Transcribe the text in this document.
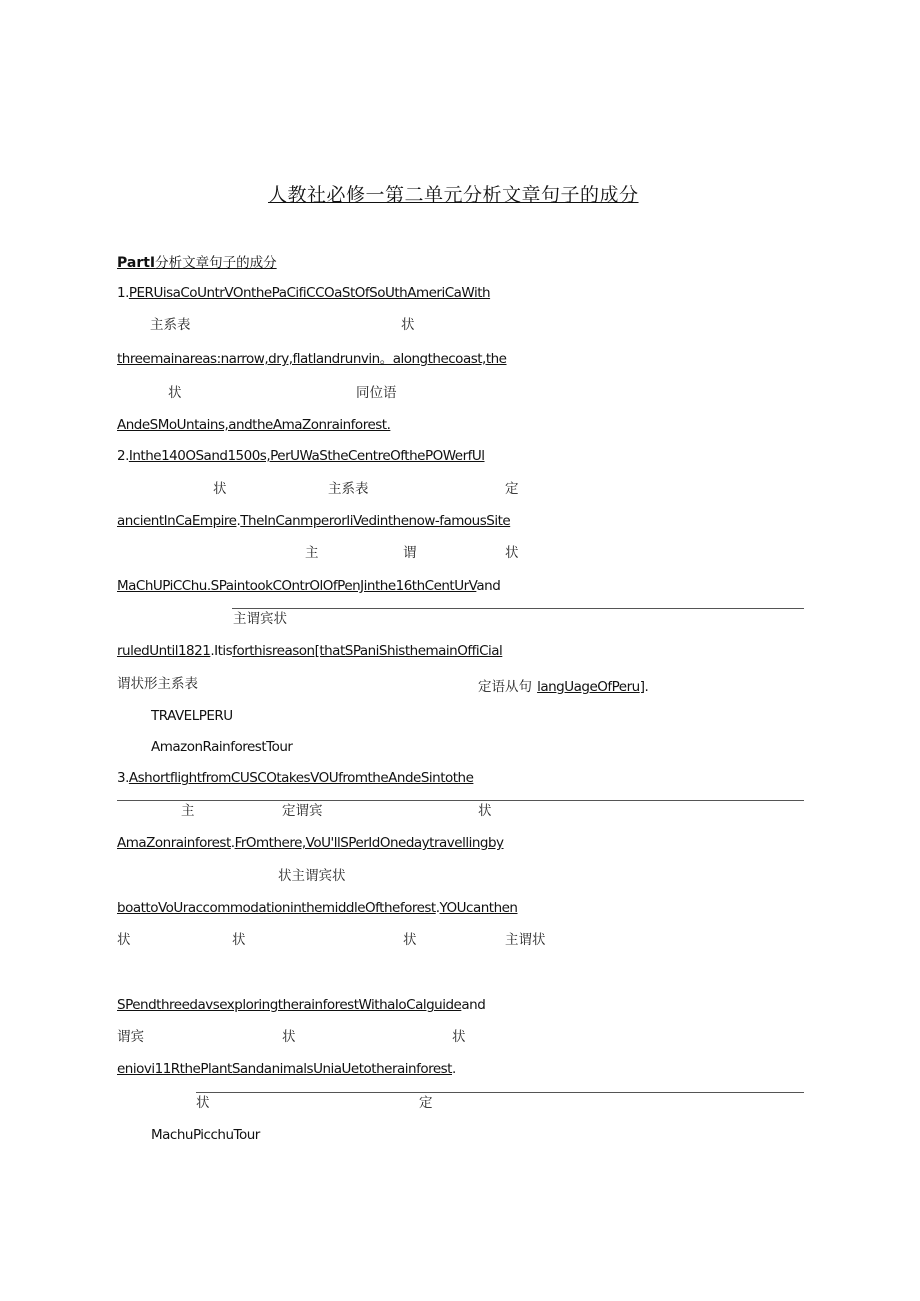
人教社必修一第二单元分析文章句子的成分
PartI分析文章句子的成分
1.PERUisaCoUntrVOnthePaCifiCCOaStOfSoUthAmeriCaWith
主系表	状
threemainareas:narrow,dry,flatlandrunvin。alongthecoast,the
状	同位语
AndeSMoUntains,andtheAmaZonrainforest.
2.Inthe140OSand1500s,PerUWaStheCentreOfthePOWerfUl
状	主系表	定
ancientInCaEmpire.TheInCanmperorIiVedinthenow-famousSite
主	谓	状
MaChUPiCChu.SPaintookCOntrOlOfPenJinthe16thCentUrVand
主谓宾状
ruledUntil1821.Itisforthisreason[thatSPaniShisthemainOffiCial
谓状形主系表	定语从句 langUageOfPeru].
TRAVELPERU
AmazonRainforestTour
3.AshortflightfromCUSCOtakesVOUfromtheAndeSintothe
主	定谓宾	状
AmaZonrainforest.FrOmthere,VoU'llSPerIdOnedaytravellingby
状主谓宾状
boattoVoUraccommodationinthemiddleOftheforest.YOUcanthen
状	状	状	主谓状
SPendthreedavsexploringtherainforestWithaIoCalguideand
谓宾	状	状
eniovi11RthePlantSandanimalsUniaUetotherainforest.
状	定
MachuPicchuTour
